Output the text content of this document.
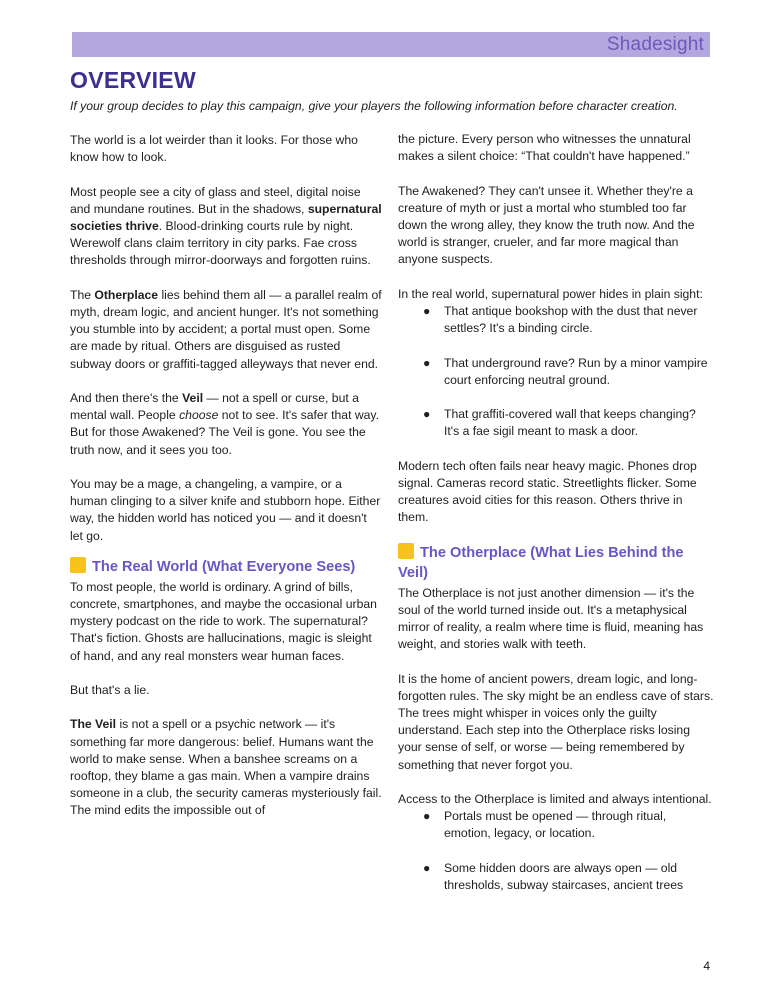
Shadesight
OVERVIEW

If your group decides to play this campaign, give your players the following information before character creation.

The world is a lot weirder than it looks. For those who know how to look.

Most people see a city of glass and steel, digital noise and mundane routines. But in the shadows, supernatural societies thrive. Blood-drinking courts rule by night. Werewolf clans claim territory in city parks. Fae cross thresholds through mirror-doorways and forgotten ruins.

The Otherplace lies behind them all — a parallel realm of myth, dream logic, and ancient hunger. It's not something you stumble into by accident; a portal must open. Some are made by ritual. Others are disguised as rusted subway doors or graffiti-tagged alleyways that never end.

And then there's the Veil — not a spell or curse, but a mental wall. People choose not to see. It's safer that way. But for those Awakened? The Veil is gone. You see the truth now, and it sees you too.

You may be a mage, a changeling, a vampire, or a human clinging to a silver knife and stubborn hope. Either way, the hidden world has noticed you — and it doesn't let go.

The Real World (What Everyone Sees)

To most people, the world is ordinary. A grind of bills, concrete, smartphones, and maybe the occasional urban mystery podcast on the ride to work. The supernatural? That's fiction. Ghosts are hallucinations, magic is sleight of hand, and any real monsters wear human faces.

But that's a lie.

The Veil is not a spell or a psychic network — it's something far more dangerous: belief. Humans want the world to make sense. When a banshee screams on a rooftop, they blame a gas main. When a vampire drains someone in a club, the security cameras mysteriously fail. The mind edits the impossible out of

the picture. Every person who witnesses the unnatural makes a silent choice: “That couldn't have happened.”

The Awakened? They can't unsee it. Whether they're a creature of myth or just a mortal who stumbled too far down the wrong alley, they know the truth now. And the world is stranger, crueler, and far more magical than anyone suspects.

In the real world, supernatural power hides in plain sight:

● That antique bookshop with the dust that never settles? It's a binding circle.
● That underground rave? Run by a minor vampire court enforcing neutral ground.
● That graffiti-covered wall that keeps changing? It's a fae sigil meant to mask a door.

Modern tech often fails near heavy magic. Phones drop signal. Cameras record static. Streetlights flicker. Some creatures avoid cities for this reason. Others thrive in them.

The Otherplace (What Lies Behind the Veil)

The Otherplace is not just another dimension — it's the soul of the world turned inside out. It's a metaphysical mirror of reality, a realm where time is fluid, meaning has weight, and stories walk with teeth.

It is the home of ancient powers, dream logic, and long-forgotten rules. The sky might be an endless cave of stars. The trees might whisper in voices only the guilty understand. Each step into the Otherplace risks losing your sense of self, or worse — being remembered by something that never forgot you.

Access to the Otherplace is limited and always intentional.

● Portals must be opened — through ritual, emotion, legacy, or location.
● Some hidden doors are always open — old thresholds, subway staircases, ancient trees
4
